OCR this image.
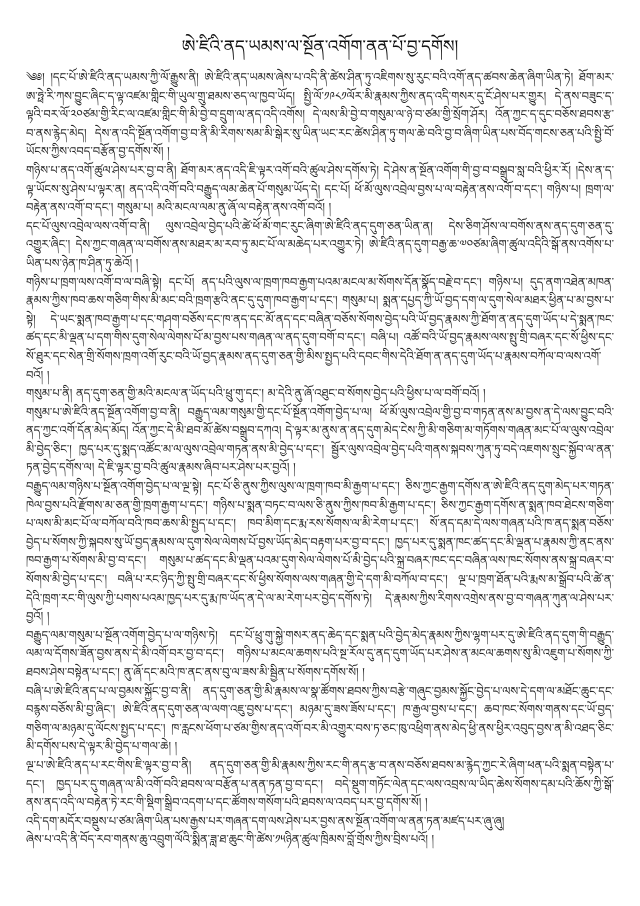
ཨེ་ཛིའི་ནད་ཡམས་ལ་སྔོན་འགོག་ནན་པོ་བྱ་དགོས།

༄༅། །དང་པོ་ཨེ་ཛིའི་ནད་ཡམས་ཀྱི་ལོ་རྒྱུས་ནི། ཨེ་ཛིའི་ནད་ཡམས་ཞེས་པ་འདི་ནི་ཚེས་ཤིན་ཏུ་འཇིགས་སུ་རུང་བའི་འགོ་ནད་ཚབས་ཆེན་ཞིག་ཡིན་ཏེ། ཐོག་མར་ཨ་ཧྥེ་རི་ཀས་བྱུང་ཞིང་ད་ལྟ་འཛམ་གླིང་གི་ཡུལ་གྲུ་ཐམས་ཅད་ལ་ཁྱབ་ཡོད། སྤྱི་ལོ་༡༩༨༡ལོར་མི་རྣམས་ཀྱིས་ནད་འདི་གསར་དུ་ངོ་ཤེས་པར་གྱུར། དེ་ནས་བཟུང་ད་ལྟའི་བར་ལོ་༢༠ཙམ་གྱི་རིང་ལ་འཛམ་གླིང་གི་མི་བྱེ་བ་དྲུག་ལ་ནད་འདི་འགོས། དེ་ལས་མི་བྱེ་བ་གསུམ་ལ་ཉེ་བ་ཙམ་གྱི་སྲོག་ཤོར། འོན་ཀྱང་ད་དུང་བཅོས་ཐབས་རྩ་བ་ནས་རྙེད་མེད། དེས་ན་འདི་སྔོན་འགོག་བྱ་བ་ནི་མི་རིགས་སམ་མི་སྒེར་སུ་ཡིན་ཡང་རང་ཚེས་ཤིན་ཏུ་གལ་ཆེ་བའི་བྱ་བ་ཞིག་ཡིན་པས་བོད་གངས་ཅན་པའི་སྤྱི་བོ་ཡོངས་ཀྱིས་འབད་བརྩོན་བྱ་དགོས་སོ། །

གཉིས་པ་ནད་འགོ་ཚུལ་ཤེས་པར་བྱ་བ་ནི། ཐོག་མར་ནད་འདི་ཇི་ལྟར་འགོ་བའི་ཚུལ་ཤེས་དགོས་ཏེ། དེ་ཤེས་ན་སྔོན་འགོག་གི་བྱ་བ་བསྒྲུབ་སླ་བའི་ཕྱིར་རོ། །དེས་ན་ད་ལྟ་ཡོངས་སུ་ཤེས་པ་ལྟར་ན། ནད་འདི་འགོ་བའི་བརྒྱུད་ལམ་ཆེན་པོ་གསུམ་ཡོད་དེ། དང་པོ། ཕོ་མོ་ལུས་འབྲེལ་བྱས་པ་ལ་བརྟེན་ནས་འགོ་བ་དང་། གཉིས་པ། ཁྲག་ལ་བརྟེན་ནས་འགོ་བ་དང་། གསུམ་པ། མའི་མངལ་ལམ་ནུ་ཞོ་ལ་བརྟེན་ནས་འགོ་བའོ། །

དང་པོ་ལུས་འབྲེལ་ལས་འགོ་བ་ནི། ལུས་འབྲེལ་བྱེད་པའི་ཚེ་ཕོ་མོ་གང་རུང་ཞིག་ཨེ་ཛིའི་ནད་དུག་ཅན་ཡིན་ན། དེས་ཅིག་ཤོས་ལ་བགོས་ནས་ནད་དུག་ཅན་དུ་འགྱུར་ཞིང་། དེས་ཀྱང་གཞན་ལ་བགོས་ནས་མཐར་མ་རབ་ཏུ་མང་པོ་ལ་མཆེད་པར་འགྱུར་ཏེ། ཨེ་ཛིའི་ནད་དུག་བརྒྱ་ཆ་༧༠ཙམ་ཞིག་ཚུལ་འདིའི་སྒོ་ནས་འགོས་པ་ཡིན་པས་ཉེན་ཁ་ཤིན་ཏུ་ཆེའོ། །

གཉིས་པ་ཁྲག་ལས་འགོ་བ་ལ་བཞི་སྟེ། དང་པོ། ནད་པའི་ལུས་ལ་ཁྲག་ཁབ་རྒྱག་པའམ་མངལ་མ་སོགས་དོན་སྣོད་བརྗེ་བ་དང་། གཉིས་པ། དུད་ནག་འཐེན་མཁན་རྣམས་ཀྱིས་ཁབ་ཆས་གཅིག་གིས་མི་མང་བའི་ཁྲག་རྩའི་ནང་དུ་དུག་ཁབ་རྒྱག་པ་དང་། གསུམ་པ། སྨན་དཔྱད་ཀྱི་ཡོ་བྱད་དག་ལ་དུག་སེལ་མཐར་ཕྱིན་པ་མ་བྱས་པ་སྟེ། དེ་ཡང་སྨན་ཁབ་རྒྱག་པ་དང་གཤག་བཅོས་དང་ཁ་ནད་དང་མོ་ནད་དང་བཞིན་བཅོས་སོགས་བྱེད་པའི་ཡོ་བྱད་རྣམས་ཀྱི་ཐོག་ན་ནད་དུག་ཡོད་པ་དེ་སྨན་ཁང་ཚད་དང་མི་ལྡན་པ་དག་གིས་དུག་སེལ་ལེགས་པོ་མ་བྱས་པས་གཞན་ལ་ནད་དུག་བགོ་བ་དང་། བཞི་པ། འཚོ་བའི་ཡོ་བྱད་རྣམས་ལས་སྤུ་གྲི་བཞར་དང་སོ་ཕྱིས་དང་སོ་ཐུར་དང་སེན་གྲི་སོགས་ཁྲག་འགོ་རུང་བའི་ཡོ་བྱད་རྣམས་ནད་དུག་ཅན་གྱི་མིས་སྤྱད་པའི་དབང་གིས་དེའི་ཐོག་ན་ནད་དུག་ཡོད་པ་རྣམས་བཀོལ་བ་ལས་འགོ་བའོ། །

གསུམ་པ་ནི། ནད་དུག་ཅན་གྱི་མའི་མངལ་ན་ཡོད་པའི་ཕྲུ་གུ་དང་། མ་དེའི་ནུ་ཞོ་འཐུང་བ་སོགས་བྱེད་པའི་ཕྱིས་པ་ལ་བགོ་བའོ། །

གསུམ་པ་ཨེ་ཛིའི་ནད་སྔོན་འགོག་བྱ་བ་ནི། བརྒྱུད་ལམ་གསུམ་གྱི་དང་པོ་སྔོན་འགོག་བྱེད་པ་ལ། ཕོ་མོ་ལུས་འབྲེལ་གྱི་བྱ་བ་གཏན་ནས་མ་བྱས་ན་དེ་ལས་བྱུང་བའི་ནད་ཀྱང་འགོ་དོན་མེད་མོད། འོན་ཀྱང་དེ་མི་ཐབ་མོ་ཚེས་བསྒྲུབ་དཀའ། དེ་ལྟར་མ་ནུས་ན་ནད་དུག་མེད་ངེས་ཀྱི་མི་གཅིག་མ་གཏོགས་གཞན་མང་པོ་ལ་ལུས་འབྲེལ་མི་བྱེད་ཅིང་། ཁྱད་པར་དུ་སྨད་འཚོང་མ་ལ་ལུས་འབྲེལ་གཏན་ནས་མི་བྱེད་པ་དང་། སྦྱོར་ལུས་འབྲེལ་བྱེད་པའི་གནས་སྐབས་ཀུན་ཏུ་བདེ་འཇགས་སྲུང་སྐྱོབ་ལ་ནན་ཏན་བྱེད་དགོས་ལ། དེ་ཇི་ལྟར་བྱ་བའི་ཚུལ་རྣམས་ཞིབ་པར་ཤེས་པར་བྱའོ། །

བརྒྱུད་ལམ་གཉིས་པ་སྔོན་འགོག་བྱེད་པ་ལ་ལྔ་སྟེ། དང་པོ་ཅི་ནུས་ཀྱིས་ལུས་ལ་ཁྲག་ཁབ་མི་རྒྱག་པ་དང་། ཅིས་ཀྱང་རྒྱག་དགོས་ན་ཨེ་ཛིའི་ནད་དུག་མེད་པར་གཏན་ཁེལ་བྱས་པའི་རྫོགས་མ་ཅན་གྱི་ཁྲག་རྒྱག་པ་དང་། གཉིས་པ་སྨན་བཏང་བ་ལས་ཅི་ནུས་ཀྱིས་ཁབ་མི་རྒྱག་པ་དང་། ཅིས་ཀྱང་རྒྱག་དགོས་ན་སྨན་ཁབ་ཐེངས་གཅིག་པ་ལས་མི་མང་པོ་ལ་བཀོལ་བའི་ཁབ་ཆས་མི་སྤྱད་པ་དང་། ཁབ་མིག་དང་རྨ་རས་སོགས་ལ་མི་རེག་པ་དང་། སོ་ནད་དམ་དེ་ལས་གཞན་པའི་ཁ་ནད་སྨན་བཅོས་བྱེད་པ་སོགས་ཀྱི་སྐབས་སུ་ཡོ་བྱད་རྣམས་ལ་དུག་སེལ་ལེགས་པོ་བྱས་ཡོད་མེད་བརྟག་པར་བྱ་བ་དང་། ཁྱད་པར་དུ་སྨན་ཁང་ཚད་དང་མི་ལྡན་པ་རྣམས་ཀྱི་ནང་ནས་ཁབ་རྒྱག་པ་སོགས་མི་བྱ་བ་དང་། གསུམ་པ་ཚད་དང་མི་ལྡན་པའམ་དུག་སེལ་ལེགས་པོ་མི་བྱེད་པའི་སྐྲ་བཞར་ཁང་དང་བཞིན་ལས་ཁང་སོགས་ནས་སྐྲ་བཞར་བ་སོགས་མི་བྱེད་པ་དང་། བཞི་པ་རང་ཉིད་ཀྱི་སྤུ་གྲི་བཞར་དང་སོ་ཕྱིས་སོགས་ལས་གཞན་གྱི་དེ་དག་མི་བཀོལ་བ་དང་། ལྔ་པ་ཁྲག་ཐོན་པའི་རྨས་མ་སྒྲོབ་པའི་ཚེ་ན་དེའི་ཁྲག་རང་གི་ལུས་ཀྱི་པགས་པའམ་ཁྱད་པར་དུ་རྨ་ཁ་ཡོད་ན་དེ་ལ་མ་རེག་པར་བྱེད་དགོས་ཏེ། དེ་རྣམས་ཀྱིས་རིགས་འགྲེས་ནས་བྱ་བ་གཞན་ཀུན་ལ་ཤེས་པར་བྱའོ། །

བརྒྱུད་ལམ་གསུམ་པ་སྔོན་འགོག་བྱེད་པ་ལ་གཉིས་ཏེ། དང་པོ་ཕྲུ་གུ་སྐྱེ་གསར་ནད་ཆེད་དང་སྨན་པའི་བྱེད་མེད་རྣམས་ཀྱིས་ལྷག་པར་དུ་ཨེ་ཛིའི་ནད་དུག་གི་བརྒྱུད་ལམ་ལ་དོགས་ཟོན་བྱས་ནས་དེ་མི་འགོ་བར་བྱ་བ་དང་། གཉིས་པ་མངལ་ཆགས་པའི་སྔ་རོལ་དུ་ནད་དུག་ཡོད་པར་ཤེས་ན་མངལ་ཆགས་སུ་མི་འཇུག་པ་སོགས་ཀྱི་ཐབས་ཤེས་བསྟེན་པ་དང་། ནུ་ཞོ་དང་མའི་ཁ་ནང་ནས་བུ་ལ་ཟས་མི་སྦྱིན་པ་སོགས་དགོས་སོ། །

བཞི་པ་ཨེ་ཛིའི་ནད་པ་ལ་བྱམས་སྐྱོང་བྱ་བ་ནི། ནད་དུག་ཅན་གྱི་མི་རྣམས་ལ་སྣ་ཚོགས་ཐབས་ཀྱིས་བརྩེ་གཞུང་བྱམས་སྐྱོང་བྱེད་པ་ལས་དེ་དག་ལ་མཐོང་ཆུང་དང་བརྙས་བཅོས་མི་བྱ་ཞིང་། ཨེ་ཛིའི་ནད་དུག་ཅན་ལ་ལག་འཇུ་བྱས་པ་དང་། མཉམ་དུ་ཟས་ཟོས་པ་དང་། ཁ་རྒྱལ་བྱས་པ་དང་། ཆབ་ཁང་སོགས་གནས་དང་ཡོ་བྱད་གཅིག་ལ་མཉམ་དུ་ལོངས་སྤྱད་པ་དང་། ཁ་རླངས་ཕོག་པ་ཙམ་གྱིས་ནད་འགོ་བར་མི་འགྱུར་བས་ཏ་ཅང་ཁུ་འཕྲིག་ནས་མེད་ཕྱི་ནས་ཕྱིར་འབུད་བྱས་ན་མི་འཐད་ཅིང་མི་དགོས་པས་དེ་ལྟར་མི་བྱེད་པ་གལ་ཆེ། །

ལྔ་པ་ཨེ་ཛིའི་ནད་པ་རང་གིས་ཇི་ལྟར་བྱ་བ་ནི། ནད་དུག་ཅན་གྱི་མི་རྣམས་ཀྱིས་རང་གི་ནད་རྩ་བ་ནས་བཅོས་ཐབས་མ་རྙེད་ཀྱང་རེ་ཞིག་ཕན་པའི་སྨན་བསྟེན་པ་དང་། ཁྱད་པར་དུ་གཞན་ལ་མི་འགོ་བའི་ཐབས་ལ་བརྩོན་པ་ནན་ཏན་བྱ་བ་དང་། བདེ་སྡུག་གཏོང་ལེན་དང་ལས་འབྲས་ལ་ཡིད་ཆེས་སོགས་དམ་པའི་ཆོས་ཀྱི་སྒོ་ནས་ནད་འདི་ལ་བརྟེན་ཏེ་རང་གི་སྡིག་སྒྲིབ་འདག་པ་དང་ཚོགས་གསོག་པའི་ཐབས་ལ་འབད་པར་བྱ་དགོས་སོ། །

འདི་དག་མདོར་བསྡུས་པ་ཙམ་ཞིག་ཡིན་པས་རྒྱས་པར་གཞན་དག་ལས་ཤེས་པར་བྱས་ནས་སྔོན་འགོག་ལ་ནན་ཏན་མཛད་པར་ཞུ་ཞུ།

ཞེས་པ་འདི་ནི་བོད་རབ་གནས་ཆུ་འབྲུག་ལོའི་སྨིན་ཟླ་ཐ་ཆུང་གི་ཚེས་༡༥ཉིན་ཚུལ་ཁྲིམས་བློ་གྲོས་ཀྱིས་བྲིས་པའོ། །
